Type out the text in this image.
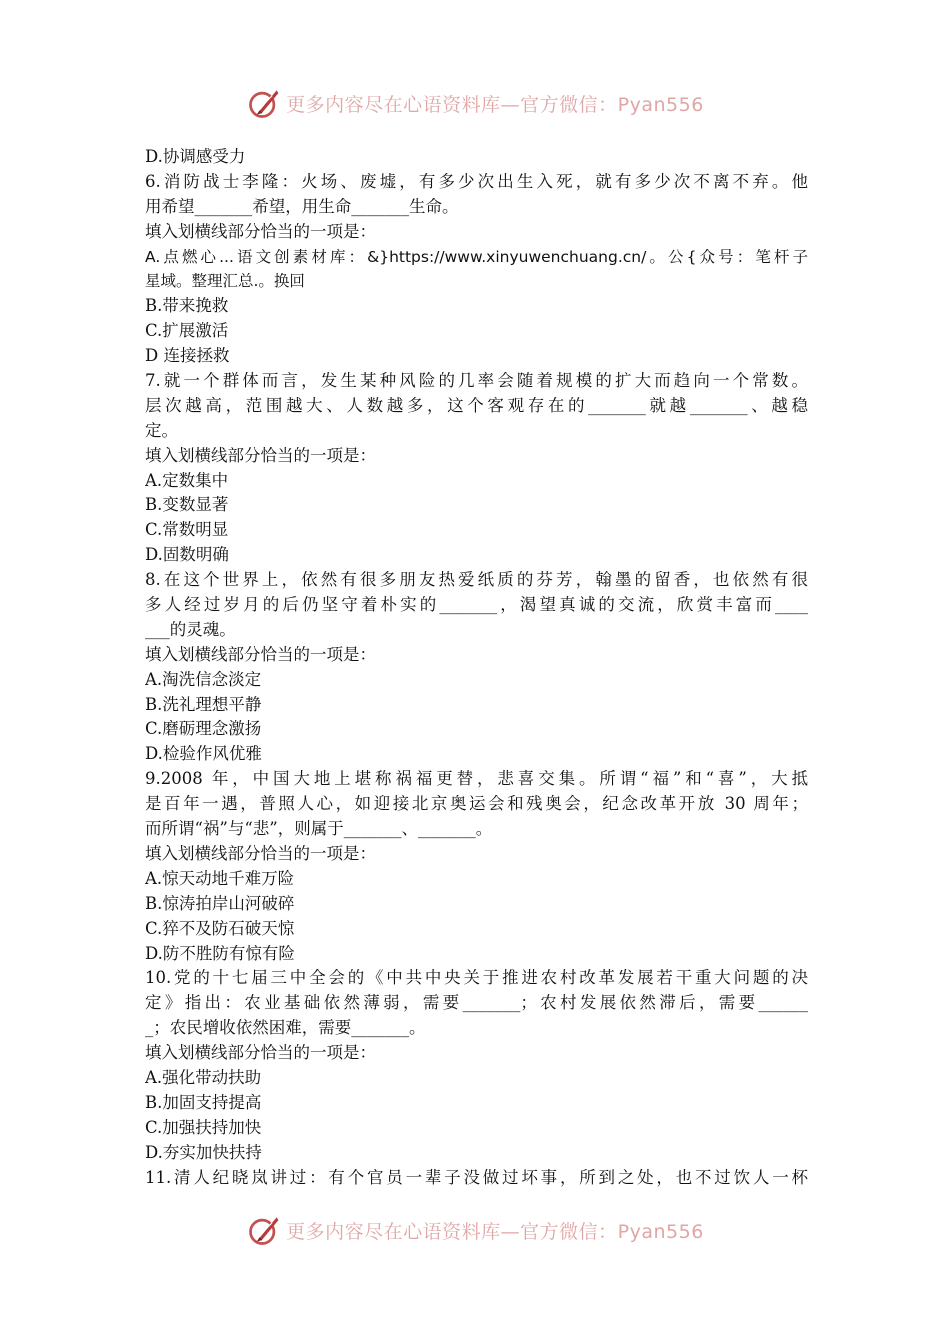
更多内容尽在心语资料库—官方微信：Pyan556
D.协调感受力
6.消防战士李隆：火场、废墟，有多少次出生入死，就有多少次不离不弃。他
用希望_______希望，用生命_______生命。
填入划横线部分恰当的一项是：
A.点燃心...语文创素材库：&}https://www.xinyuwenchuang.cn/。公{众号：笔杆子
星域。整理汇总.。换回
B.带来挽救
C.扩展激活
D 连接拯救
7.就一个群体而言，发生某种风险的几率会随着规模的扩大而趋向一个常数。
层次越高，范围越大、人数越多，这个客观存在的_______就越_______、越稳
定。
填入划横线部分恰当的一项是：
A.定数集中
B.变数显著
C.常数明显
D.固数明确
8.在这个世界上，依然有很多朋友热爱纸质的芬芳，翰墨的留香，也依然有很
多人经过岁月的后仍坚守着朴实的_______，渴望真诚的交流，欣赏丰富而____
___的灵魂。
填入划横线部分恰当的一项是：
A.淘洗信念淡定
B.洗礼理想平静
C.磨砺理念激扬
D.检验作风优雅
9.2008 年，中国大地上堪称祸福更替，悲喜交集。所谓“福”和“喜”，大抵
是百年一遇，普照人心，如迎接北京奥运会和残奥会，纪念改革开放 30 周年；
而所谓“祸”与“悲”，则属于_______、_______。
填入划横线部分恰当的一项是：
A.惊天动地千难万险
B.惊涛拍岸山河破碎
C.猝不及防石破天惊
D.防不胜防有惊有险
10.党的十七届三中全会的《中共中央关于推进农村改革发展若干重大问题的决
定》指出：农业基础依然薄弱，需要_______；农村发展依然滞后，需要______
_；农民增收依然困难，需要_______。
填入划横线部分恰当的一项是：
A.强化带动扶助
B.加固支持提高
C.加强扶持加快
D.夯实加快扶持
11.清人纪晓岚讲过：有个官员一辈子没做过坏事，所到之处，也不过饮人一杯
更多内容尽在心语资料库—官方微信：Pyan556
